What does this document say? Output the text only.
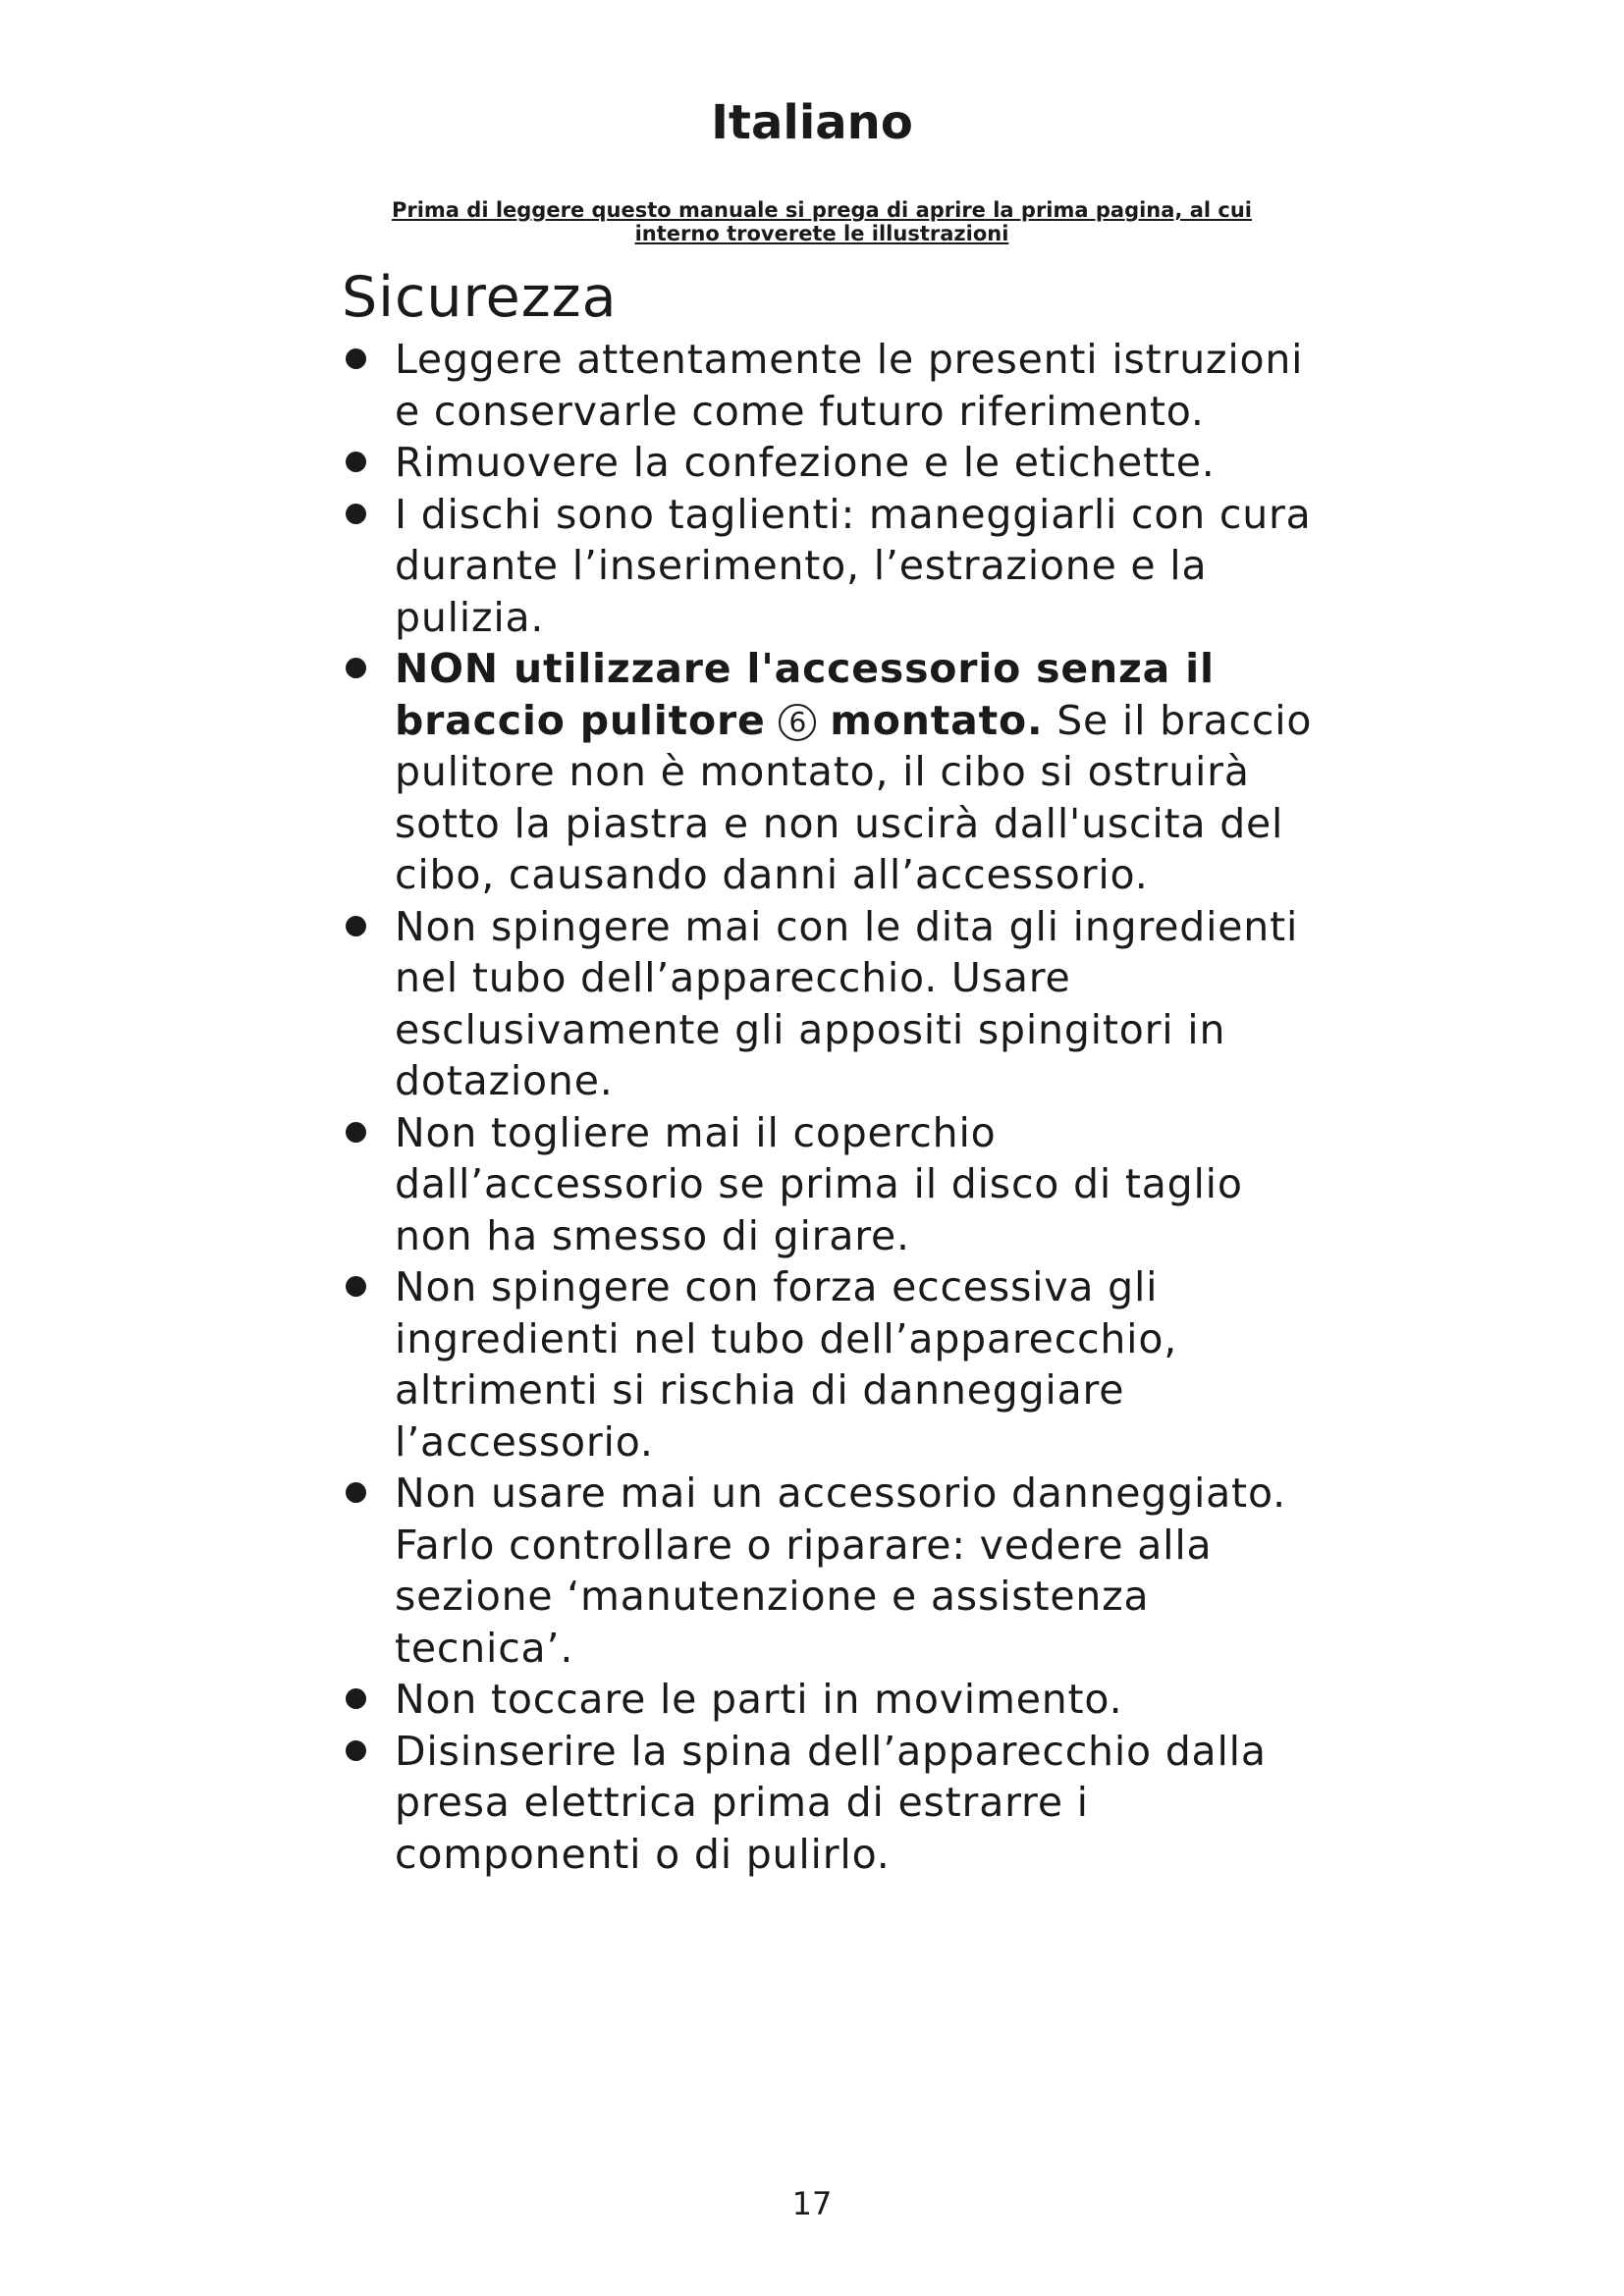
Italiano

Prima di leggere questo manuale si prega di aprire la prima pagina, al cui interno troverete le illustrazioni

Sicurezza
Leggere attentamente le presenti istruzioni e conservarle come futuro riferimento.
Rimuovere la confezione e le etichette.
I dischi sono taglienti: maneggiarli con cura durante l’inserimento, l’estrazione e la pulizia.
NON utilizzare l'accessorio senza il braccio pulitore 6 montato. Se il braccio pulitore non è montato, il cibo si ostruirà sotto la piastra e non uscirà dall'uscita del cibo, causando danni all’accessorio.
Non spingere mai con le dita gli ingredienti nel tubo dell’apparecchio. Usare esclusivamente gli appositi spingitori in dotazione.
Non togliere mai il coperchio dall’accessorio se prima il disco di taglio non ha smesso di girare.
Non spingere con forza eccessiva gli ingredienti nel tubo dell’apparecchio, altrimenti si rischia di danneggiare l’accessorio.
Non usare mai un accessorio danneggiato. Farlo controllare o riparare: vedere alla sezione ‘manutenzione e assistenza tecnica’.
Non toccare le parti in movimento.
Disinserire la spina dell’apparecchio dalla presa elettrica prima di estrarre i componenti o di pulirlo.

17
